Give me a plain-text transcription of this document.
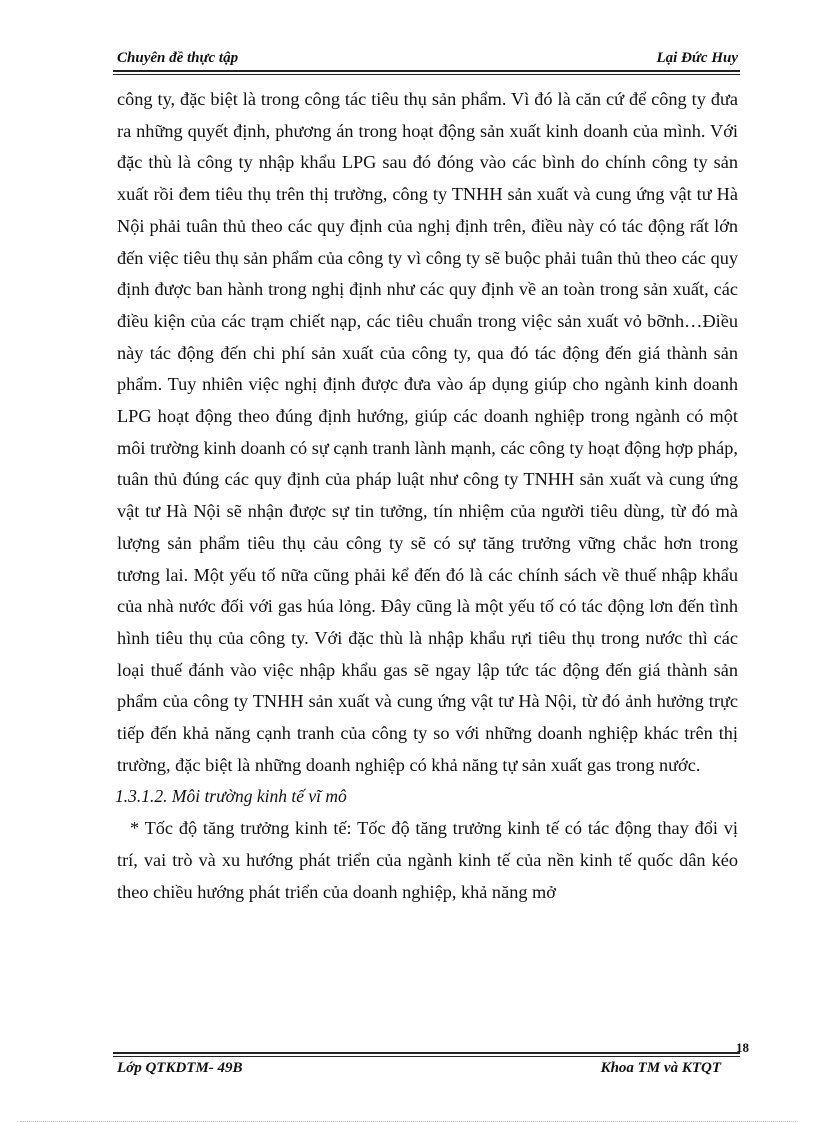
Chuyên đề thực tập	Lại Đức Huy

công ty, đặc biệt là trong công tác tiêu thụ sản phẩm. Vì đó là căn cứ để công ty đưa ra những quyết định, phương án trong hoạt động sản xuất kinh doanh của mình. Với đặc thù là công ty nhập khẩu LPG sau đó đóng vào các bình do chính công ty sản xuất rồi đem tiêu thụ trên thị trường, công ty TNHH sản xuất và cung ứng vật tư Hà Nội phải tuân thủ theo các quy định của nghị định trên, điều này có tác động rất lớn đến việc tiêu thụ sản phẩm của công ty vì công ty sẽ buộc phải tuân thủ theo các quy định được ban hành trong nghị định như các quy định về an toàn trong sản xuất, các điều kiện của các trạm chiết nạp, các tiêu chuẩn trong việc sản xuất vỏ bỡnh…Điều này tác động đến chi phí sản xuất của công ty, qua đó tác động đến giá thành sản phẩm. Tuy nhiên việc nghị định được đưa vào áp dụng giúp cho ngành kinh doanh LPG hoạt động theo đúng định hướng, giúp các doanh nghiệp trong ngành có một môi trường kinh doanh có sự cạnh tranh lành mạnh, các công ty hoạt động hợp pháp, tuân thủ đúng các quy định của pháp luật như công ty TNHH sản xuất và cung ứng vật tư Hà Nội sẽ nhận được sự tin tưởng, tín nhiệm của người tiêu dùng, từ đó mà lượng sản phẩm tiêu thụ cảu công ty sẽ có sự tăng trưởng vững chắc hơn trong tương lai. Một yếu tố nữa cũng phải kể đến đó là các chính sách về thuế nhập khẩu của nhà nước đối với gas húa lỏng. Đây cũng là một yếu tố có tác động lơn đến tình hình tiêu thụ của công ty. Với đặc thù là nhập khẩu rựi tiêu thụ trong nước thì các loại thuế đánh vào việc nhập khẩu gas sẽ ngay lập tức tác động đến giá thành sản phẩm của công ty TNHH sản xuất và cung ứng vật tư Hà Nội, từ đó ảnh hưởng trực tiếp đến khả năng cạnh tranh của công ty so với những doanh nghiệp khác trên thị trường, đặc biệt là những doanh nghiệp có khả năng tự sản xuất gas trong nước.

1.3.1.2. Môi trường kinh tế vĩ mô

* Tốc độ tăng trưởng kinh tế: Tốc độ tăng trưởng kinh tế có tác động thay đổi vị trí, vai trò và xu hướng phát triển của ngành kinh tế của nền kinh tế quốc dân kéo theo chiều hướng phát triển của doanh nghiệp, khả năng mở

18
Lớp QTKDTM- 49B	Khoa TM và KTQT
